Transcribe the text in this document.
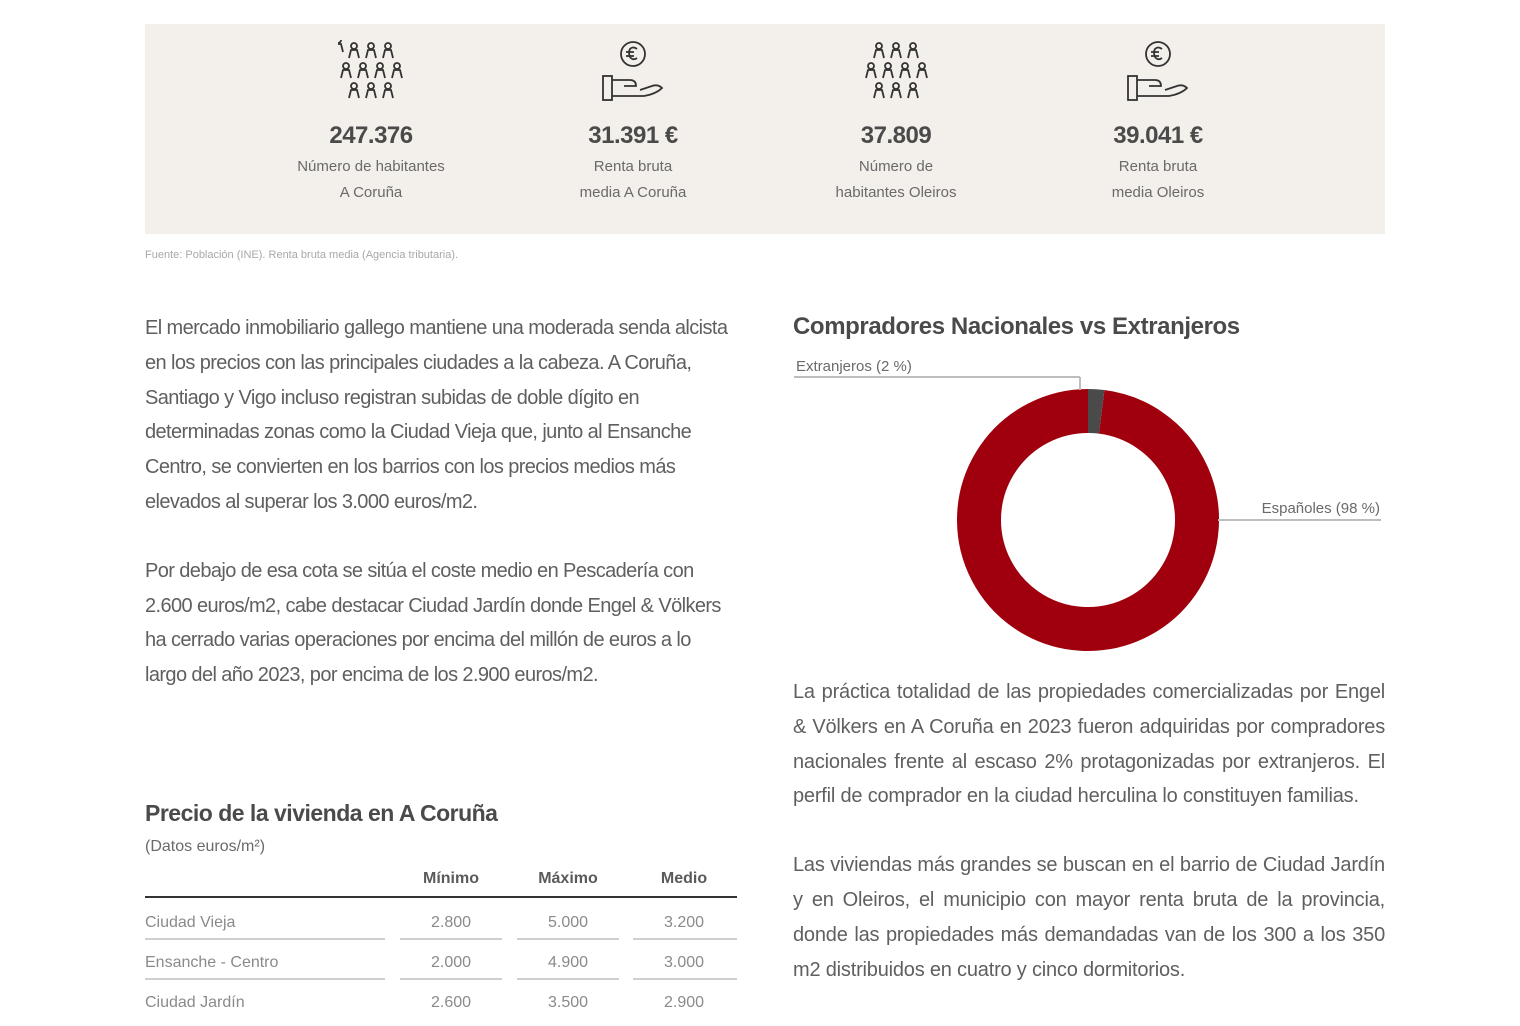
247.376
Número de habitantes
A Coruña
31.391 €
Renta bruta
media A Coruña
37.809
Número de
habitantes Oleiros
39.041 €
Renta bruta
media Oleiros
Fuente: Población (INE). Renta bruta media (Agencia tributaria).

El mercado inmobiliario gallego mantiene una moderada senda alcista en los precios con las principales ciudades a la cabeza. A Coruña, Santiago y Vigo incluso registran subidas de doble dígito en determinadas zonas como la Ciudad Vieja que, junto al Ensanche Centro, se convierten en los barrios con los precios medios más elevados al superar los 3.000 euros/m2.

Por debajo de esa cota se sitúa el coste medio en Pescadería con 2.600 euros/m2, cabe destacar Ciudad Jardín donde Engel & Völkers ha cerrado varias operaciones por encima del millón de euros a lo largo del año 2023, por encima de los 2.900 euros/m2.

Precio de la vivienda en A Coruña
(Datos euros/m²)
Mínimo	Máximo	Medio
Ciudad Vieja	2.800	5.000	3.200
Ensanche - Centro	2.000	4.900	3.000
Ciudad Jardín	2.600	3.500	2.900
Compradores Nacionales vs Extranjeros
Extranjeros (2 %)
Españoles (98 %)

La práctica totalidad de las propiedades comercializadas por Engel & Völkers en A Coruña en 2023 fueron adquiridas por compradores nacionales frente al escaso 2% protagonizadas por extranjeros. El perfil de comprador en la ciudad herculina lo constituyen familias.

Las viviendas más grandes se buscan en el barrio de Ciudad Jardín y en Oleiros, el municipio con mayor renta bruta de la provincia, donde las propiedades más demandadas van de los 300 a los 350 m2 distribuidos en cuatro y cinco dormitorios.
